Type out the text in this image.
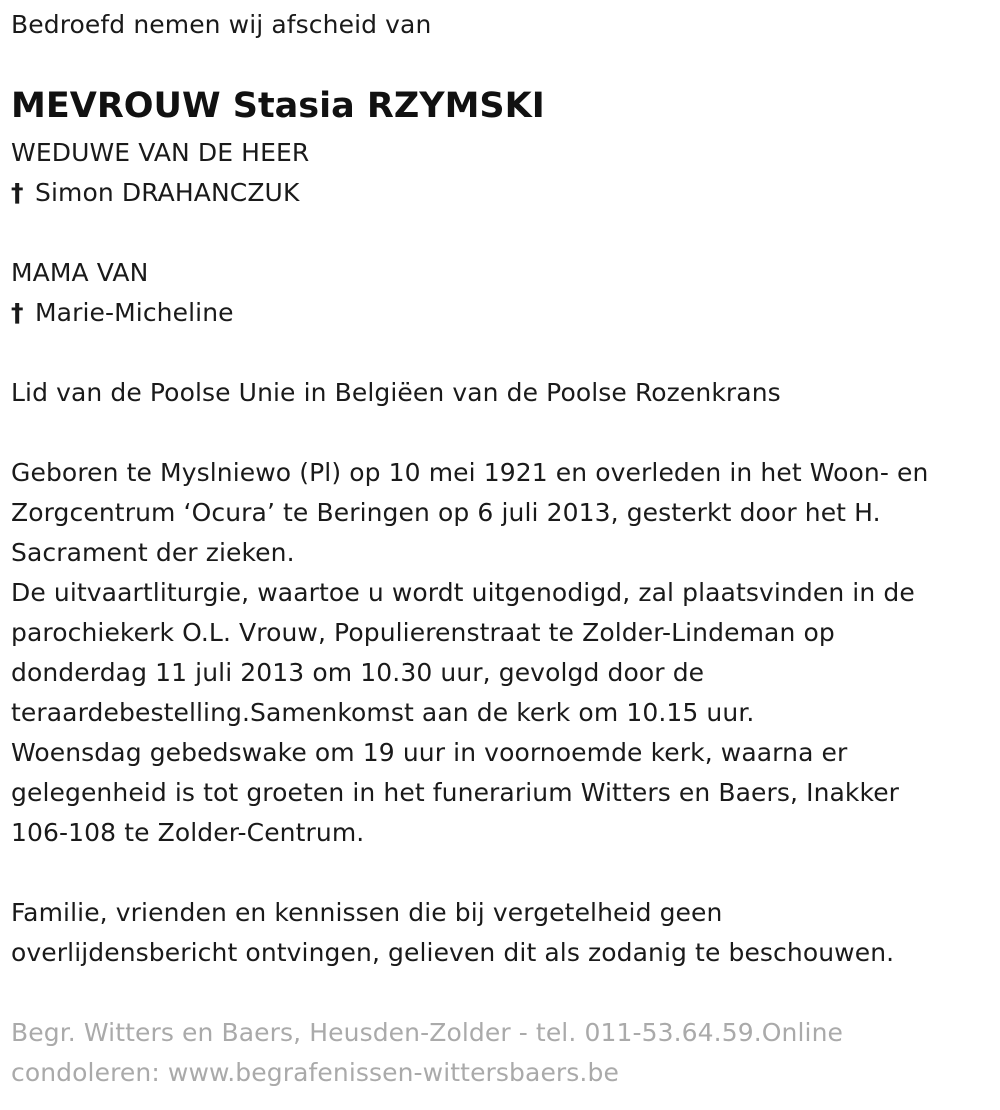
Bedroefd nemen wij afscheid van
MEVROUW Stasia RZYMSKI
WEDUWE VAN DE HEER
† Simon DRAHANCZUK
MAMA VAN
† Marie-Micheline
Lid van de Poolse Unie in Belgiëen van de Poolse Rozenkrans
Geboren te Myslniewo (Pl) op 10 mei 1921 en overleden in het Woon- en
Zorgcentrum ‘Ocura’ te Beringen op 6 juli 2013, gesterkt door het H.
Sacrament der zieken.
De uitvaartliturgie, waartoe u wordt uitgenodigd, zal plaatsvinden in de
parochiekerk O.L. Vrouw, Populierenstraat te Zolder-Lindeman op
donderdag 11 juli 2013 om 10.30 uur, gevolgd door de
teraardebestelling.Samenkomst aan de kerk om 10.15 uur.
Woensdag gebedswake om 19 uur in voornoemde kerk, waarna er
gelegenheid is tot groeten in het funerarium Witters en Baers, Inakker
106-108 te Zolder-Centrum.
Familie, vrienden en kennissen die bij vergetelheid geen
overlijdensbericht ontvingen, gelieven dit als zodanig te beschouwen.
Begr. Witters en Baers, Heusden-Zolder - tel. 011-53.64.59.Online
condoleren: www.begrafenissen-wittersbaers.be
